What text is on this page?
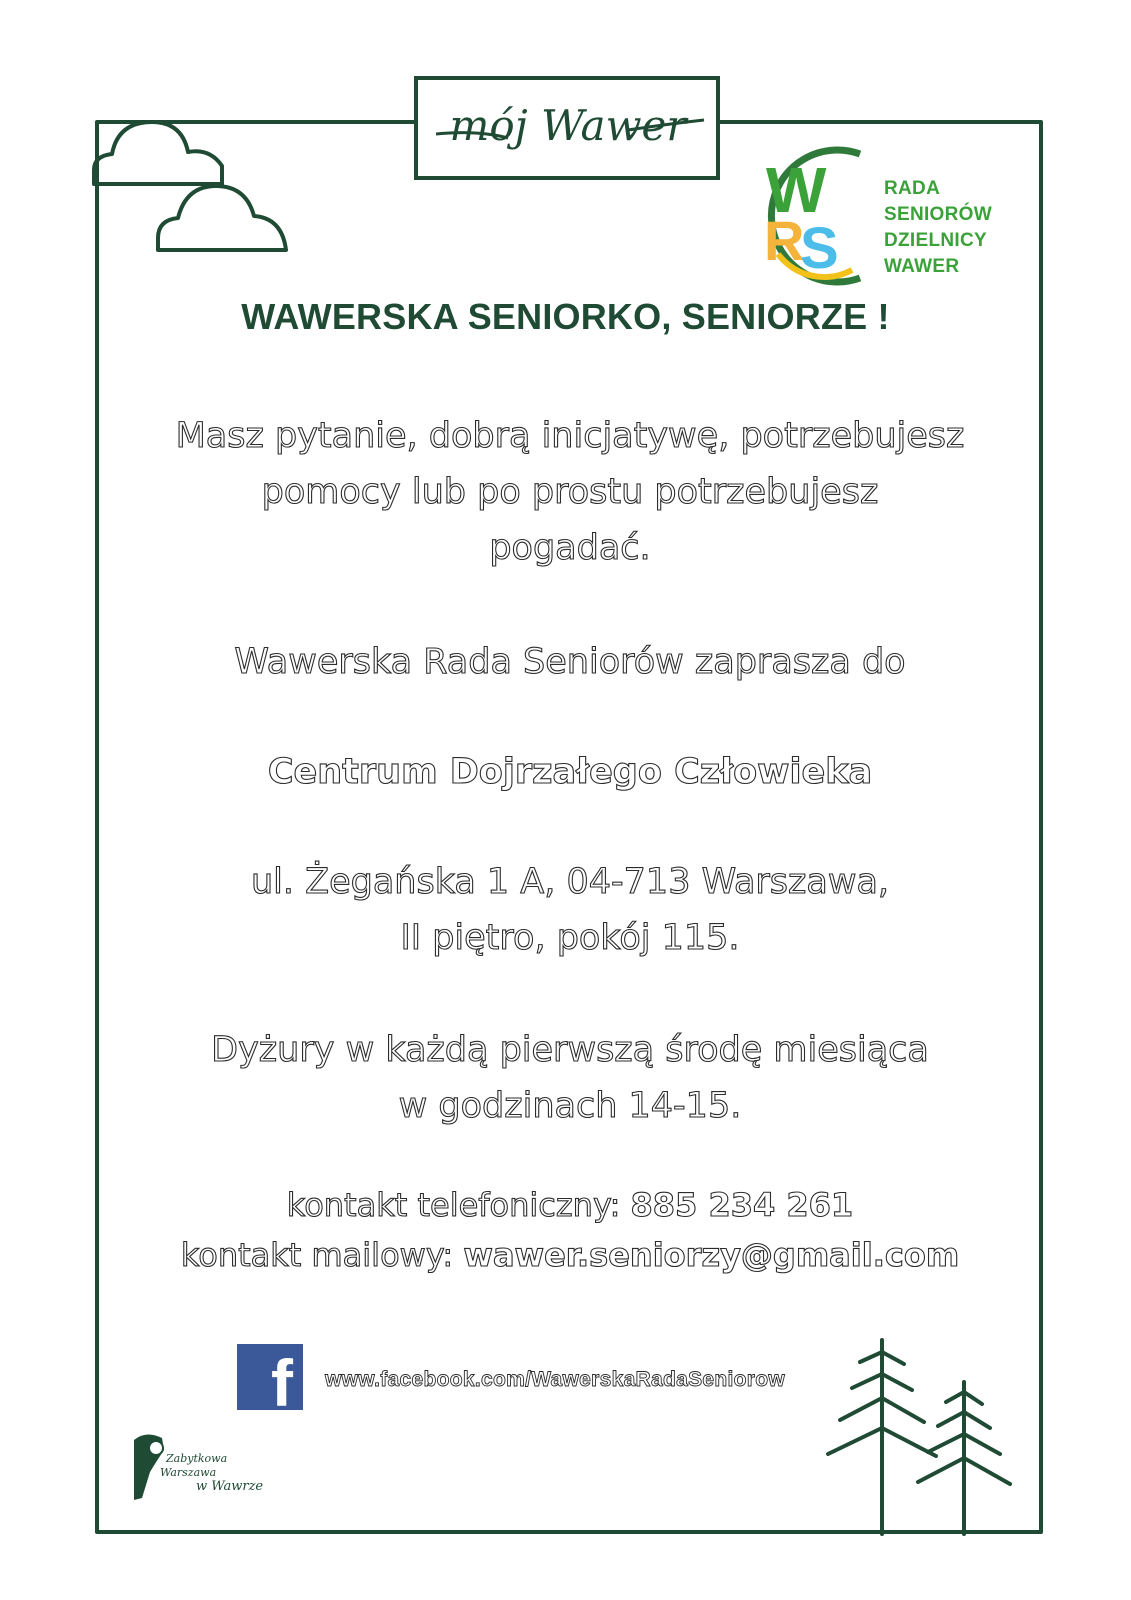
mój Wawer
W
R
S
RADA
SENIORÓW
DZIELNICY
WAWER
WAWERSKA SENIORKO, SENIORZE !
Masz pytanie, dobrą inicjatywę, potrzebujesz
pomocy lub po prostu potrzebujesz
pogadać.
Wawerska Rada Seniorów zaprasza do
Centrum Dojrzałego Człowieka
ul. Żegańska 1 A, 04-713 Warszawa,
II piętro, pokój 115.
Dyżury w każdą pierwszą środę miesiąca
w godzinach 14-15.
kontakt telefoniczny: 885 234 261
kontakt mailowy: wawer.seniorzy@gmail.com
f www.facebook.com/WawerskaRadaSeniorow
Zabytkowa
Warszawa
w Wawrze
